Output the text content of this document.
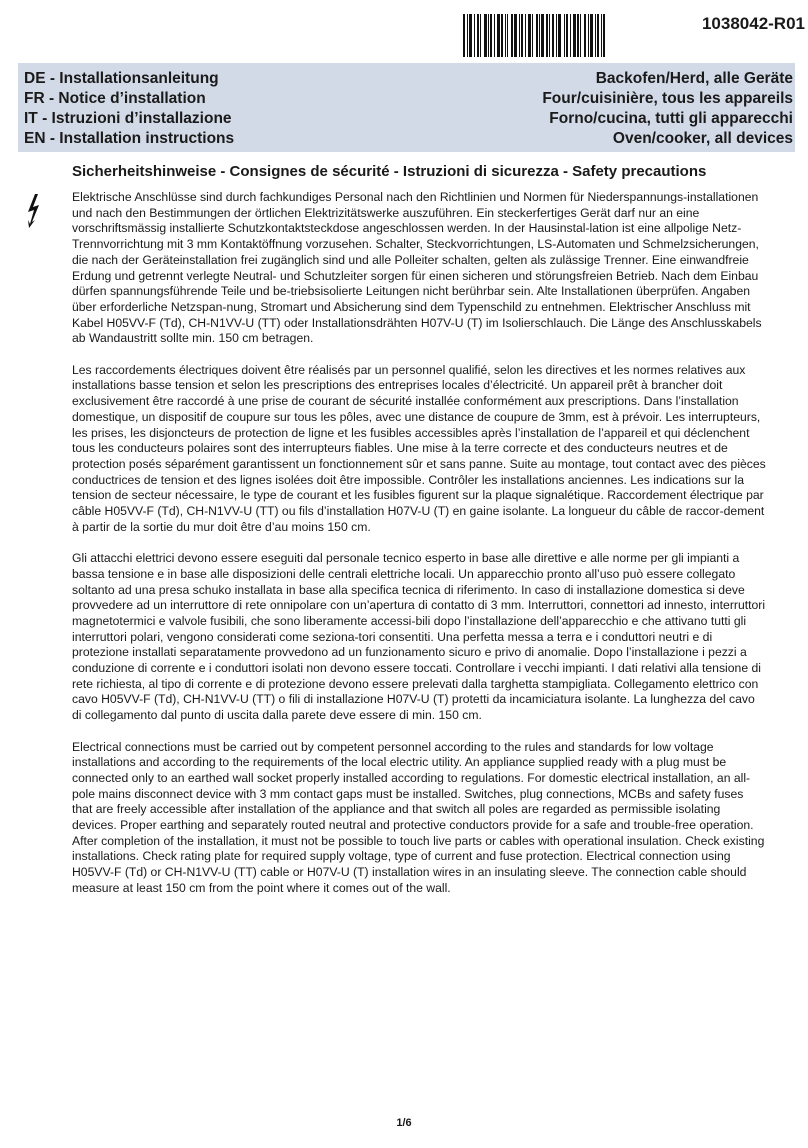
1038042-R01
DE - Installationsanleitung	Backofen/Herd, alle Geräte
FR - Notice d’installation	Four/cuisinière, tous les appareils
IT - Istruzioni d’installazione	Forno/cucina, tutti gli apparecchi
EN - Installation instructions	Oven/cooker, all devices
Sicherheitshinweise - Consignes de sécurité - Istruzioni di sicurezza - Safety precautions

Elektrische Anschlüsse sind durch fachkundiges Personal nach den Richtlinien und Normen für Niederspannungs-installationen und nach den Bestimmungen der örtlichen Elektrizitätswerke auszuführen. Ein steckerfertiges Gerät darf nur an eine vorschriftsmässig installierte Schutzkontaktsteckdose angeschlossen werden. In der Hausinstal-lation ist eine allpolige Netz-Trennvorrichtung mit 3 mm Kontaktöffnung vorzusehen. Schalter, Steckvorrichtungen, LS-Automaten und Schmelzsicherungen, die nach der Geräteinstallation frei zugänglich sind und alle Polleiter schalten, gelten als zulässige Trenner. Eine einwandfreie Erdung und getrennt verlegte Neutral- und Schutzleiter sorgen für einen sicheren und störungsfreien Betrieb. Nach dem Einbau dürfen spannungsführende Teile und be-triebsisolierte Leitungen nicht berührbar sein. Alte Installationen überprüfen. Angaben über erforderliche Netzspan-nung, Stromart und Absicherung sind dem Typenschild zu entnehmen. Elektrischer Anschluss mit Kabel H05VV-F (Td), CH-N1VV-U (TT) oder Installationsdrähten H07V-U (T) im Isolierschlauch. Die Länge des Anschlusskabels ab Wandaustritt sollte min. 150 cm betragen.

Les raccordements électriques doivent être réalisés par un personnel qualifié, selon les directives et les normes relatives aux installations basse tension et selon les prescriptions des entreprises locales d’électricité. Un appareil prêt à brancher doit exclusivement être raccordé à une prise de courant de sécurité installée conformément aux prescriptions. Dans l’installation domestique, un dispositif de coupure sur tous les pôles, avec une distance de coupure de 3mm, est à prévoir. Les interrupteurs, les prises, les disjoncteurs de protection de ligne et les fusibles accessibles après l’installation de l’appareil et qui déclenchent tous les conducteurs polaires sont des interrupteurs fiables. Une mise à la terre correcte et des conducteurs neutres et de protection posés séparément garantissent un fonctionnement sûr et sans panne. Suite au montage, tout contact avec des pièces conductrices de tension et des lignes isolées doit être impossible. Contrôler les installations anciennes. Les indications sur la tension de secteur nécessaire, le type de courant et les fusibles figurent sur la plaque signalétique. Raccordement électrique par câble H05VV-F (Td), CH-N1VV-U (TT) ou fils d’installation H07V-U (T) en gaine isolante. La longueur du câble de raccor-dement à partir de la sortie du mur doit être d’au moins 150 cm.

Gli attacchi elettrici devono essere eseguiti dal personale tecnico esperto in base alle direttive e alle norme per gli impianti a bassa tensione e in base alle disposizioni delle centrali elettriche locali. Un apparecchio pronto all’uso può essere collegato soltanto ad una presa schuko installata in base alla specifica tecnica di riferimento. In caso di installazione domestica si deve provvedere ad un interruttore di rete onnipolare con un’apertura di contatto di 3 mm. Interruttori, connettori ad innesto, interruttori magnetotermici e valvole fusibili, che sono liberamente accessi-bili dopo l’installazione dell’apparecchio e che attivano tutti gli interruttori polari, vengono considerati come seziona-tori consentiti. Una perfetta messa a terra e i conduttori neutri e di protezione installati separatamente provvedono ad un funzionamento sicuro e privo di anomalie. Dopo l’installazione i pezzi a conduzione di corrente e i conduttori isolati non devono essere toccati. Controllare i vecchi impianti. I dati relativi alla tensione di rete richiesta, al tipo di corrente e di protezione devono essere prelevati dalla targhetta stampigliata. Collegamento elettrico con cavo H05VV-F (Td), CH-N1VV-U (TT) o fili di installazione H07V-U (T) protetti da incamiciatura isolante. La lunghezza del cavo di collegamento dal punto di uscita dalla parete deve essere di min. 150 cm.

Electrical connections must be carried out by competent personnel according to the rules and standards for low voltage installations and according to the requirements of the local electric utility. An appliance supplied ready with a plug must be connected only to an earthed wall socket properly installed according to regulations. For domestic electrical installation, an all-pole mains disconnect device with 3 mm contact gaps must be installed. Switches, plug connections, MCBs and safety fuses that are freely accessible after installation of the appliance and that switch all poles are regarded as permissible isolating devices. Proper earthing and separately routed neutral and protective conductors provide for a safe and trouble-free operation. After completion of the installation, it must not be possible to touch live parts or cables with operational insulation. Check existing installations. Check rating plate for required supply voltage, type of current and fuse protection. Electrical connection using H05VV-F (Td) or CH-N1VV-U (TT) cable or H07V-U (T) installation wires in an insulating sleeve. The connection cable should measure at least 150 cm from the point where it comes out of the wall.

1/6
